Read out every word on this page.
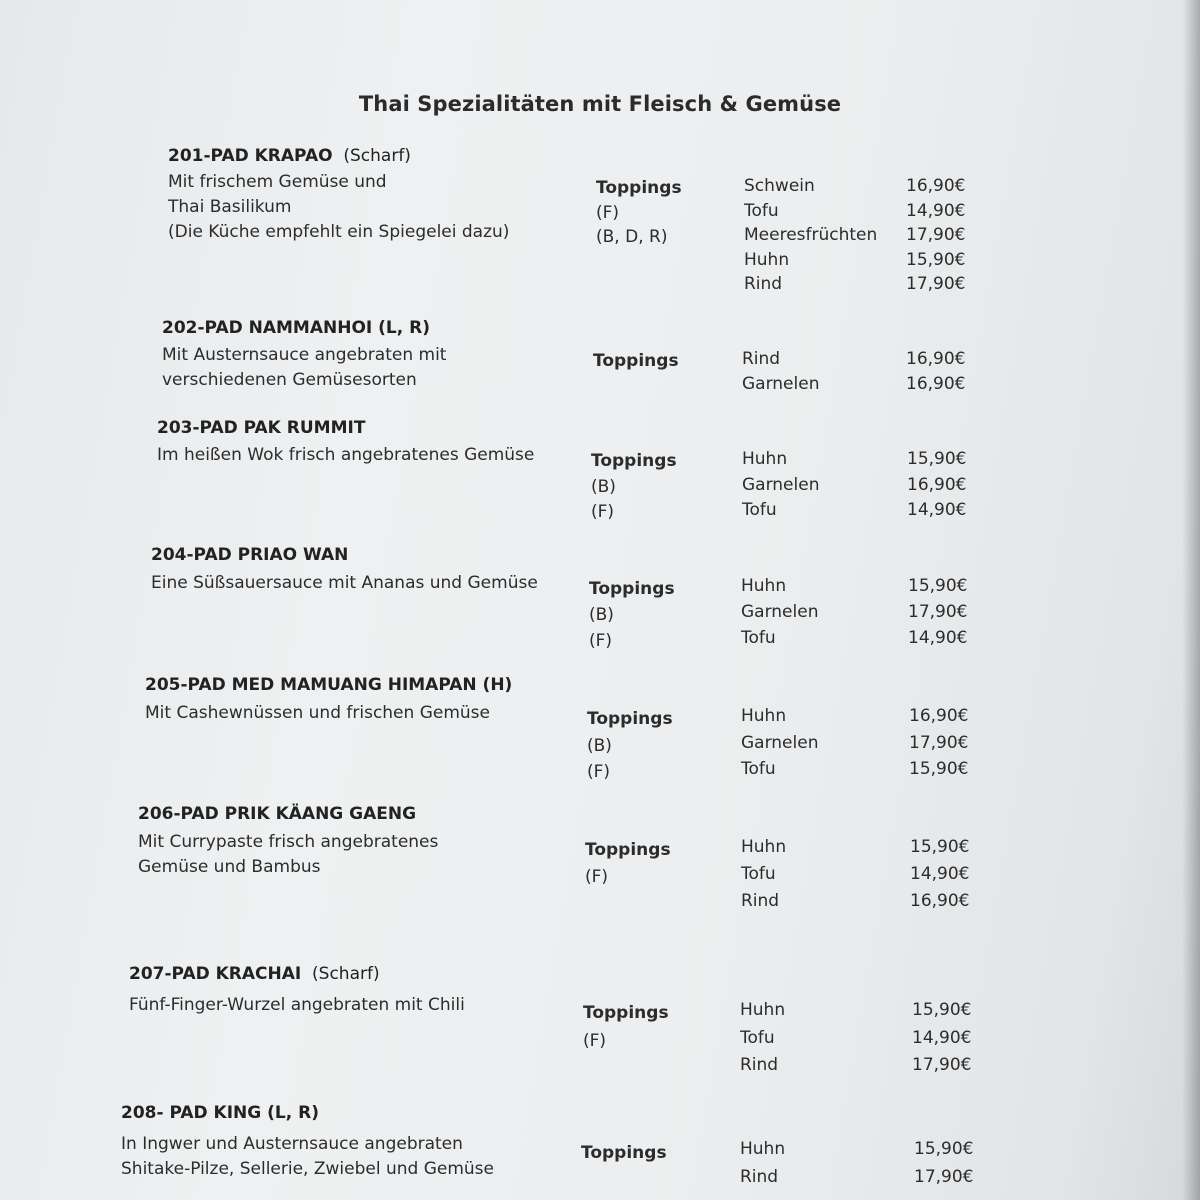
Thai Spezialitäten mit Fleisch & Gemüse
201-PAD KRAPAO  (Scharf)
Mit frischem Gemüse und
Thai Basilikum
(Die Küche empfehlt ein Spiegelei dazu)
Toppings
(F)
(B, D, R)
Schwein	16,90€
Tofu	14,90€
Meeresfrüchten 17,90€
Huhn	15,90€
Rind	17,90€
202-PAD NAMMANHOI (L, R)
Mit Austernsauce angebraten mit
verschiedenen Gemüsesorten
Toppings	Rind	16,90€
Garnelen	16,90€
203-PAD PAK RUMMIT
Im heißen Wok frisch angebratenes Gemüse	Toppings
(B)
(F)
Huhn	15,90€
Garnelen	16,90€
Tofu	14,90€
204-PAD PRIAO WAN
Eine Süßsauersauce mit Ananas und Gemüse	Toppings
(B)
(F)
Huhn	15,90€
Garnelen	17,90€
Tofu	14,90€
205-PAD MED MAMUANG HIMAPAN (H)
Mit Cashewnüssen und frischen Gemüse	Toppings
(B)
(F)
Huhn	16,90€
Garnelen	17,90€
Tofu	15,90€
206-PAD PRIK KÄANG GAENG
Mit Currypaste frisch angebratenes
Gemüse und Bambus
Toppings
(F)
Huhn	15,90€
Tofu	14,90€
Rind	16,90€
207-PAD KRACHAI  (Scharf)
Fünf-Finger-Wurzel angebraten mit Chili	Toppings
(F)
Huhn	15,90€
Tofu	14,90€
Rind	17,90€
208- PAD KING (L, R)
In Ingwer und Austernsauce angebraten
Shitake-Pilze, Sellerie, Zwiebel und Gemüse
Toppings	Huhn	15,90€
Rind	17,90€
